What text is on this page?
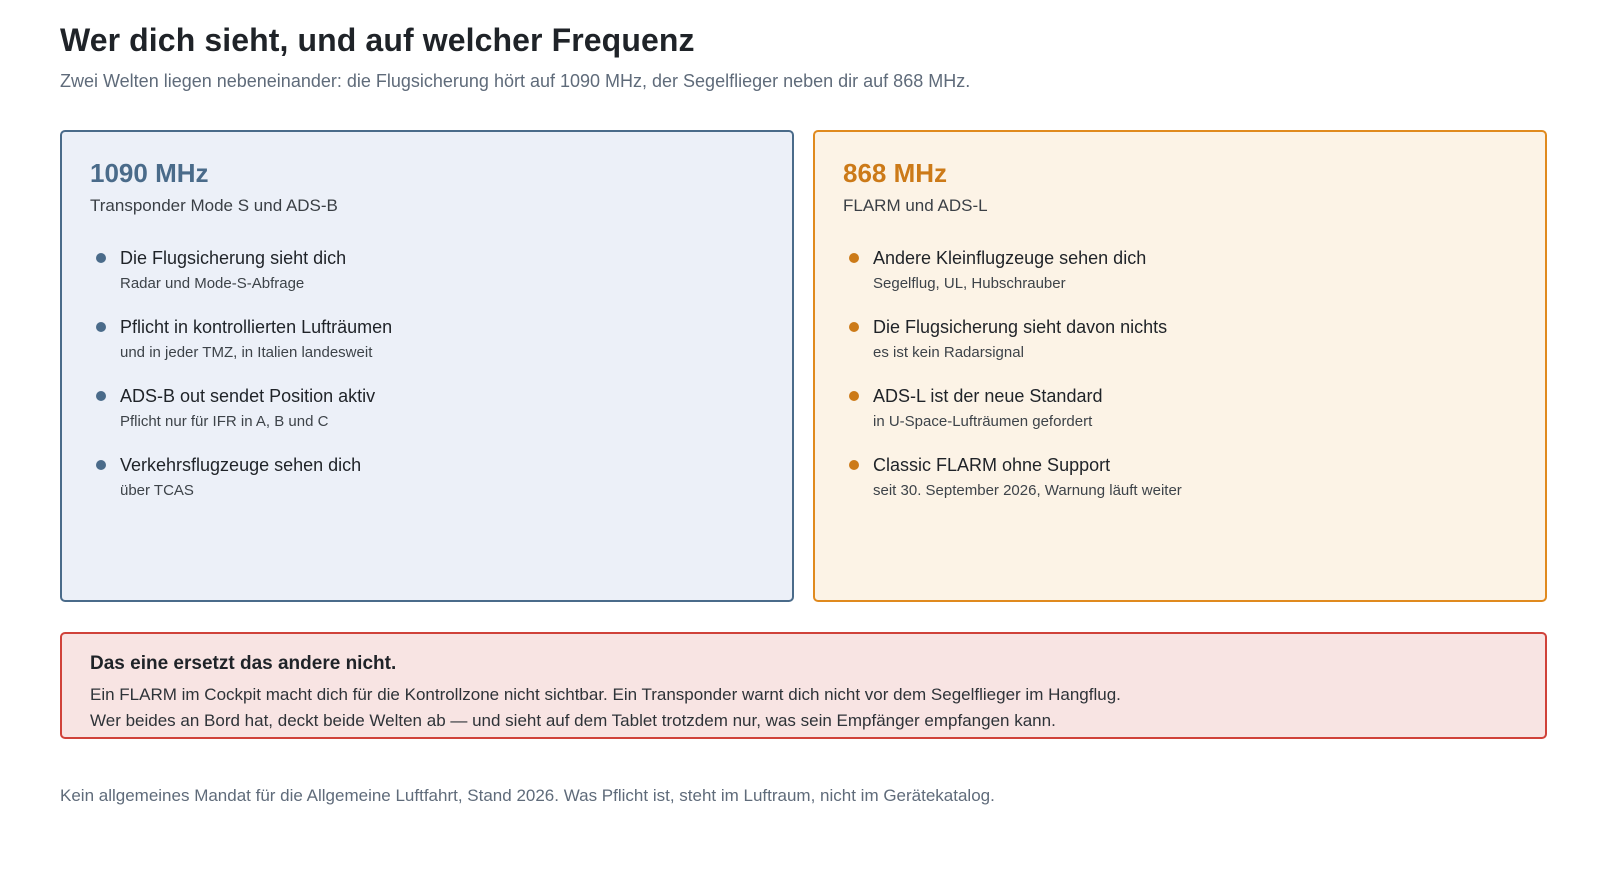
Wer dich sieht, und auf welcher Frequenz

Zwei Welten liegen nebeneinander: die Flugsicherung hört auf 1090 MHz, der Segelflieger neben dir auf 868 MHz.

1090 MHz

Transponder Mode S und ADS-B

Die Flugsicherung sieht dich
Radar und Mode-S-Abfrage
Pflicht in kontrollierten Lufträumen
und in jeder TMZ, in Italien landesweit
ADS-B out sendet Position aktiv
Pflicht nur für IFR in A, B und C
Verkehrsflugzeuge sehen dich
über TCAS
868 MHz

FLARM und ADS-L

Andere Kleinflugzeuge sehen dich
Segelflug, UL, Hubschrauber
Die Flugsicherung sieht davon nichts
es ist kein Radarsignal
ADS-L ist der neue Standard
in U-Space-Lufträumen gefordert
Classic FLARM ohne Support
seit 30. September 2026, Warnung läuft weiter
Das eine ersetzt das andere nicht.

Ein FLARM im Cockpit macht dich für die Kontrollzone nicht sichtbar. Ein Transponder warnt dich nicht vor dem Segelflieger im Hangflug.
Wer beides an Bord hat, deckt beide Welten ab — und sieht auf dem Tablet trotzdem nur, was sein Empfänger empfangen kann.

Kein allgemeines Mandat für die Allgemeine Luftfahrt, Stand 2026. Was Pflicht ist, steht im Luftraum, nicht im Gerätekatalog.
